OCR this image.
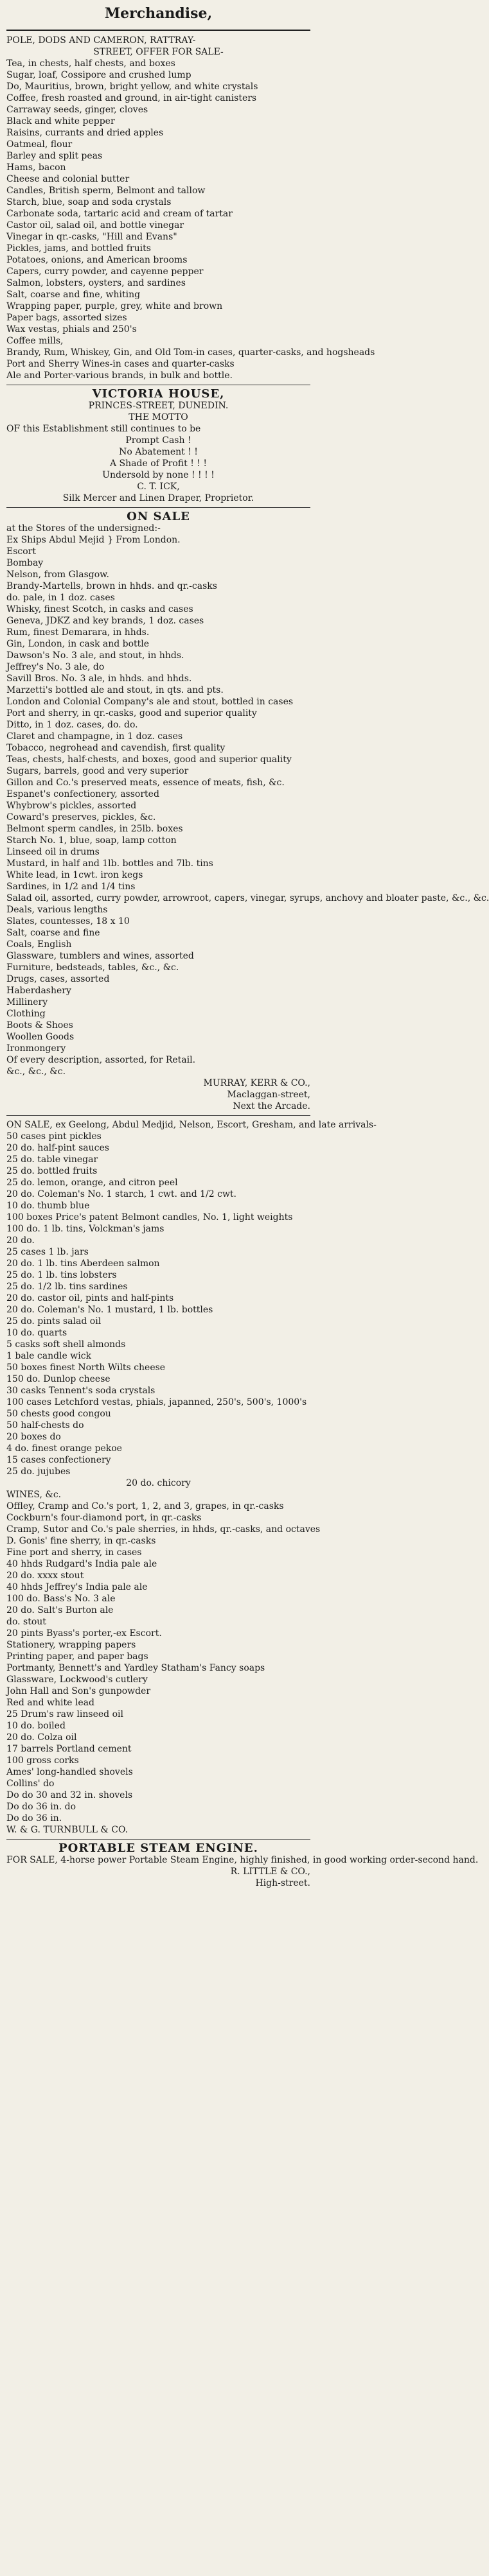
Merchandise,
POLE, DODS AND CAMERON, RATTRAY-
STREET, OFFER FOR SALE-
Tea, in chests, half chests, and boxes
Sugar, loaf, Cossipore and crushed lump
Do, Mauritius, brown, bright yellow, and white crystals
Coffee, fresh roasted and ground, in air-tight canisters
Carraway seeds, ginger, cloves
Black and white pepper
Raisins, currants and dried apples
Oatmeal, flour
Barley and split peas
Hams, bacon
Cheese and colonial butter
Candles, British sperm, Belmont and tallow
Starch, blue, soap and soda crystals
Carbonate soda, tartaric acid and cream of tartar
Castor oil, salad oil, and bottle vinegar
Vinegar in qr.-casks, "Hill and Evans"
Pickles, jams, and bottled fruits
Potatoes, onions, and American brooms
Capers, curry powder, and cayenne pepper
Salmon, lobsters, oysters, and sardines
Salt, coarse and fine, whiting
Wrapping paper, purple, grey, white and brown
Paper bags, assorted sizes
Wax vestas, phials and 250's
Coffee mills,
Brandy, Rum, Whiskey, Gin, and Old Tom-in cases, quarter-casks, and hogsheads
Port and Sherry Wines-in cases and quarter-casks
Ale and Porter-various brands, in bulk and bottle.
VICTORIA HOUSE,
PRINCES-STREET, DUNEDIN.
THE MOTTO
OF this Establishment still continues to be
Prompt Cash !
No Abatement ! !
A Shade of Profit ! ! !
Undersold by none ! ! ! !
C. T. ICK,
Silk Mercer and Linen Draper, Proprietor.
ON SALE
at the Stores of the undersigned:-
Ex Ships Abdul Mejid } From London.
Escort
Bombay
Nelson, from Glasgow.
Brandy-Martells, brown in hhds. and qr.-casks
do. pale, in 1 doz. cases
Whisky, finest Scotch, in casks and cases
Geneva, JDKZ and key brands, 1 doz. cases
Rum, finest Demarara, in hhds.
Gin, London, in cask and bottle
Dawson's No. 3 ale, and stout, in hhds.
Jeffrey's No. 3 ale, do
Savill Bros. No. 3 ale, in hhds. and hhds.
Marzetti's bottled ale and stout, in qts. and pts.
London and Colonial Company's ale and stout, bottled in cases
Port and sherry, in qr.-casks, good and superior quality
Ditto, in 1 doz. cases, do. do.
Claret and champagne, in 1 doz. cases
Tobacco, negrohead and cavendish, first quality
Teas, chests, half-chests, and boxes, good and superior quality
Sugars, barrels, good and very superior
Gillon and Co.'s preserved meats, essence of meats, fish, &c.
Espanet's confectionery, assorted
Whybrow's pickles, assorted
Coward's preserves, pickles, &c.
Belmont sperm candles, in 25lb. boxes
Starch No. 1, blue, soap, lamp cotton
Linseed oil in drums
Mustard, in half and 1lb. bottles and 7lb. tins
White lead, in 1cwt. iron kegs
Sardines, in 1/2 and 1/4 tins
Salad oil, assorted, curry powder, arrowroot, capers, vinegar, syrups, anchovy and bloater paste, &c., &c.
Deals, various lengths
Slates, countesses, 18 x 10
Salt, coarse and fine
Coals, English
Glassware, tumblers and wines, assorted
Furniture, bedsteads, tables, &c., &c.
Drugs, cases, assorted
Haberdashery
Millinery
Clothing
Boots & Shoes
Woollen Goods
Ironmongery
Of every description, assorted, for Retail.
&c., &c., &c.
MURRAY, KERR & CO.,
Maclaggan-street,
Next the Arcade.
ON SALE, ex Geelong, Abdul Medjid, Nelson, Escort, Gresham, and late arrivals-
50 cases pint pickles
20 do. half-pint sauces
25 do. table vinegar
25 do. bottled fruits
25 do. lemon, orange, and citron peel
20 do. Coleman's No. 1 starch, 1 cwt. and 1/2 cwt.
10 do. thumb blue
100 boxes Price's patent Belmont candles, No. 1, light weights
100 do. 1 lb. tins, Volckman's jams
20 do.
25 cases 1 lb. jars
20 do. 1 lb. tins Aberdeen salmon
25 do. 1 lb. tins lobsters
25 do. 1/2 lb. tins sardines
20 do. castor oil, pints and half-pints
20 do. Coleman's No. 1 mustard, 1 lb. bottles
25 do. pints salad oil
10 do. quarts
5 casks soft shell almonds
1 bale candle wick
50 boxes finest North Wilts cheese
150 do. Dunlop cheese
30 casks Tennent's soda crystals
100 cases Letchford vestas, phials, japanned, 250's, 500's, 1000's
50 chests good congou
50 half-chests do
20 boxes do
4 do. finest orange pekoe
15 cases confectionery
25 do. jujubes
20 do. chicory
WINES, &c.
Offley, Cramp and Co.'s port, 1, 2, and 3, grapes, in qr.-casks
Cockburn's four-diamond port, in qr.-casks
Cramp, Sutor and Co.'s pale sherries, in hhds, qr.-casks, and octaves
D. Gonis' fine sherry, in qr.-casks
Fine port and sherry, in cases
40 hhds Rudgard's India pale ale
20 do. xxxx stout
40 hhds Jeffrey's India pale ale
100 do. Bass's No. 3 ale
20 do. Salt's Burton ale
do. stout
20 pints Byass's porter,-ex Escort.
Stationery, wrapping papers
Printing paper, and paper bags
Portmanty, Bennett's and Yardley Statham's Fancy soaps
Glassware, Lockwood's cutlery
John Hall and Son's gunpowder
Red and white lead
25 Drum's raw linseed oil
10 do. boiled
20 do. Colza oil
17 barrels Portland cement
100 gross corks
Ames' long-handled shovels
Collins' do
Do do 30 and 32 in. shovels
Do do 36 in. do
Do do 36 in.
W. & G. TURNBULL & CO.
PORTABLE STEAM ENGINE.
FOR SALE, 4-horse power Portable Steam Engine, highly finished, in good working order-second hand.
R. LITTLE & CO.,
High-street.
